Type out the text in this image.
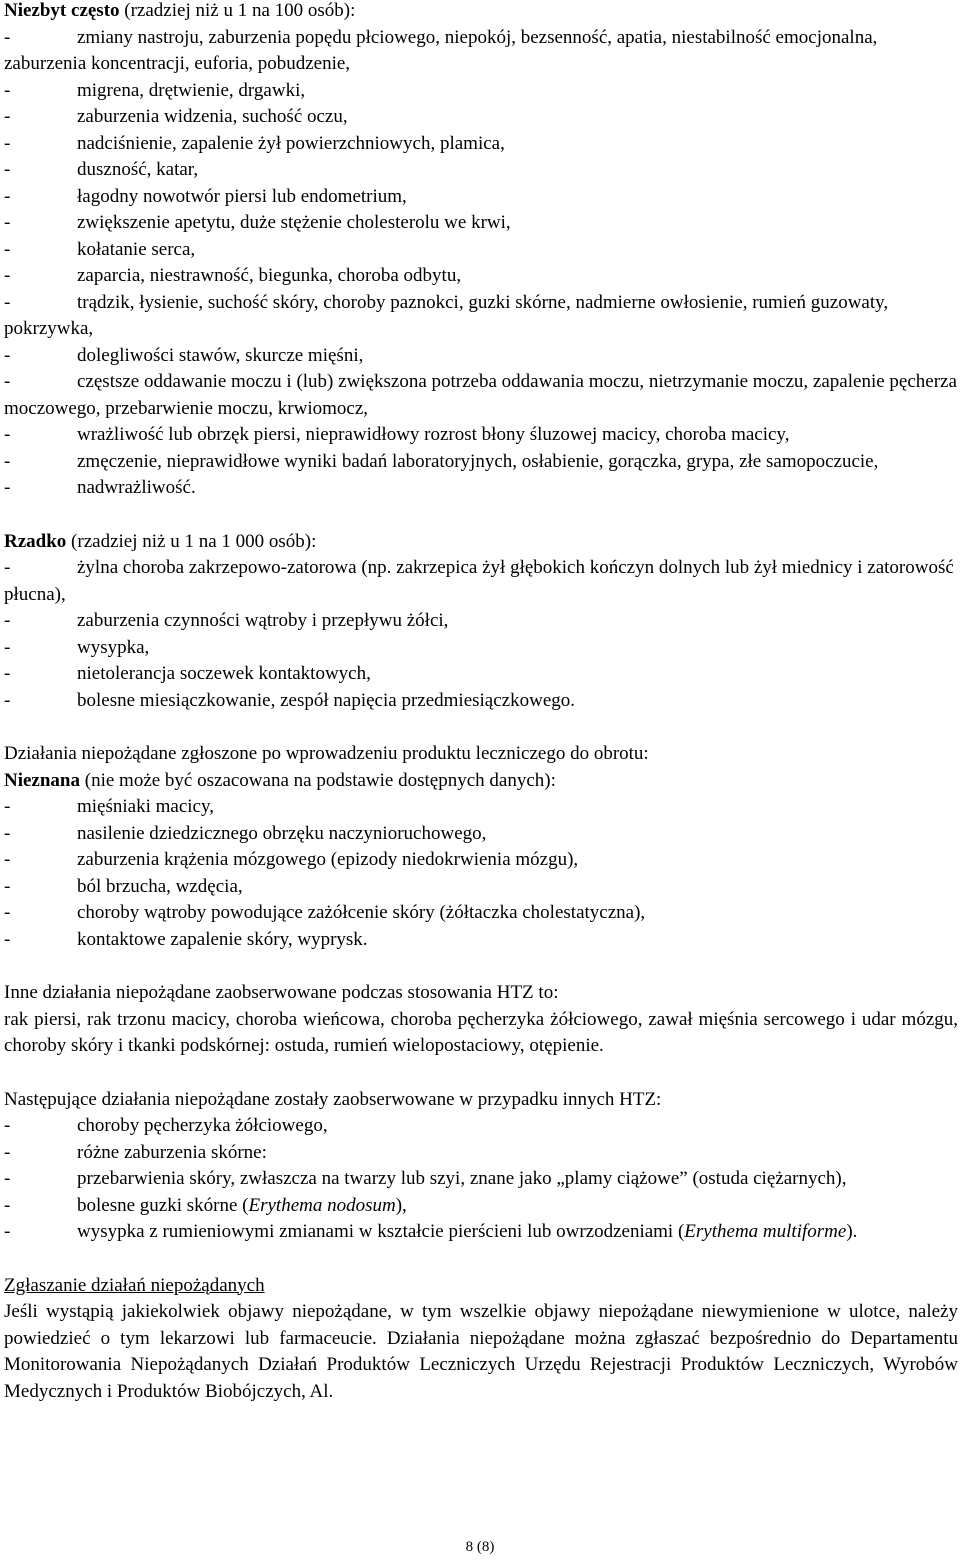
Niezbyt często (rzadziej niż u 1 na 100 osób):

-	zmiany nastroju, zaburzenia popędu płciowego, niepokój, bezsenność, apatia, niestabilność emocjonalna, zaburzenia koncentracji, euforia, pobudzenie,

-	migrena, drętwienie, drgawki,

-	zaburzenia widzenia, suchość oczu,

-	nadciśnienie, zapalenie żył powierzchniowych, plamica,

-	duszność, katar,

-	łagodny nowotwór piersi lub endometrium,

-	zwiększenie apetytu, duże stężenie cholesterolu we krwi,

-	kołatanie serca,

-	zaparcia, niestrawność, biegunka, choroba odbytu,

-	trądzik, łysienie, suchość skóry, choroby paznokci, guzki skórne, nadmierne owłosienie, rumień guzowaty, pokrzywka,

-	dolegliwości stawów, skurcze mięśni,

-	częstsze oddawanie moczu i (lub) zwiększona potrzeba oddawania moczu, nietrzymanie moczu, zapalenie pęcherza moczowego, przebarwienie moczu, krwiomocz,

-	wrażliwość lub obrzęk piersi, nieprawidłowy rozrost błony śluzowej macicy, choroba macicy,

-	zmęczenie, nieprawidłowe wyniki badań laboratoryjnych, osłabienie, gorączka, grypa, złe samopoczucie,

-	nadwrażliwość.

Rzadko (rzadziej niż u 1 na 1 000 osób):

-	żylna choroba zakrzepowo-zatorowa (np. zakrzepica żył głębokich kończyn dolnych lub żył miednicy i zatorowość płucna),

-	zaburzenia czynności wątroby i przepływu żółci,

-	wysypka,

-	nietolerancja soczewek kontaktowych,

-	bolesne miesiączkowanie, zespół napięcia przedmiesiączkowego.

Działania niepożądane zgłoszone po wprowadzeniu produktu leczniczego do obrotu:

Nieznana (nie może być oszacowana na podstawie dostępnych danych):

-	mięśniaki macicy,

-	nasilenie dziedzicznego obrzęku naczynioruchowego,

-	zaburzenia krążenia mózgowego (epizody niedokrwienia mózgu),

-	ból brzucha, wzdęcia,

-	choroby wątroby powodujące zażółcenie skóry (żółtaczka cholestatyczna),

-	kontaktowe zapalenie skóry, wyprysk.

Inne działania niepożądane zaobserwowane podczas stosowania HTZ to:

rak piersi, rak trzonu macicy, choroba wieńcowa, choroba pęcherzyka żółciowego, zawał mięśnia sercowego i udar mózgu, choroby skóry i tkanki podskórnej: ostuda, rumień wielopostaciowy, otępienie.

Następujące działania niepożądane zostały zaobserwowane w przypadku innych HTZ:

-	choroby pęcherzyka żółciowego,

-	różne zaburzenia skórne:

-	przebarwienia skóry, zwłaszcza na twarzy lub szyi, znane jako „plamy ciążowe” (ostuda ciężarnych),

-	bolesne guzki skórne (Erythema nodosum),

-	wysypka z rumieniowymi zmianami w kształcie pierścieni lub owrzodzeniami (Erythema multiforme).

Zgłaszanie działań niepożądanych

Jeśli wystąpią jakiekolwiek objawy niepożądane, w tym wszelkie objawy niepożądane niewymienione w ulotce, należy powiedzieć o tym lekarzowi lub farmaceucie. Działania niepożądane można zgłaszać bezpośrednio do Departamentu Monitorowania Niepożądanych Działań Produktów Leczniczych Urzędu Rejestracji Produktów Leczniczych, Wyrobów Medycznych i Produktów Biobójczych, Al.

8 (8)
